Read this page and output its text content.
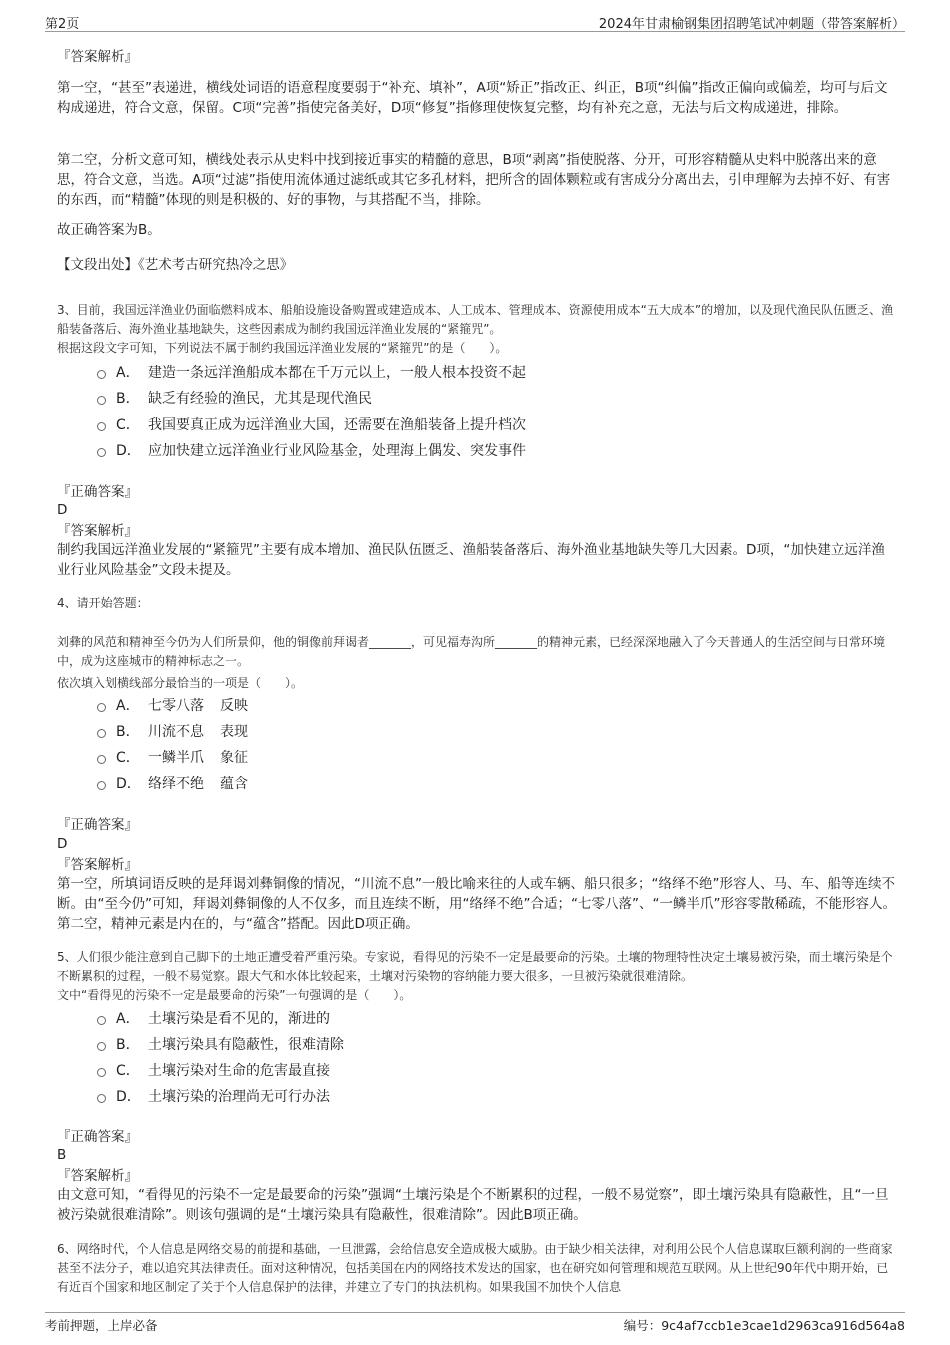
第2页	2024年甘肃榆钢集团招聘笔试冲刺题（带答案解析）
『答案解析』
第一空，“甚至”表递进，横线处词语的语意程度要弱于“补充、填补”，A项“矫正”指改正、纠正，B项“纠偏”指改正偏向或偏差，均可与后文构成递进，符合文意，保留。C项“完善”指使完备美好，D项“修复”指修理使恢复完整，均有补充之意，无法与后文构成递进，排除。
第二空，分析文意可知，横线处表示从史料中找到接近事实的精髓的意思，B项“剥离”指使脱落、分开，可形容精髓从史料中脱落出来的意思，符合文意，当选。A项“过滤”指使用流体通过滤纸或其它多孔材料，把所含的固体颗粒或有害成分分离出去，引申理解为去掉不好、有害的东西，而“精髓”体现的则是积极的、好的事物，与其搭配不当，排除。
故正确答案为B。
【文段出处】《艺术考古研究热冷之思》
3、目前，我国远洋渔业仍面临燃料成本、船舶设施设备购置或建造成本、人工成本、管理成本、资源使用成本“五大成本”的增加，以及现代渔民队伍匮乏、渔船装备落后、海外渔业基地缺失，这些因素成为制约我国远洋渔业发展的“紧箍咒”。
根据这段文字可知，下列说法不属于制约我国远洋渔业发展的“紧箍咒”的是（　　）。
A． 建造一条远洋渔船成本都在千万元以上，一般人根本投资不起
B． 缺乏有经验的渔民，尤其是现代渔民
C． 我国要真正成为远洋渔业大国，还需要在渔船装备上提升档次
D． 应加快建立远洋渔业行业风险基金，处理海上偶发、突发事件
『正确答案』
D
『答案解析』
制约我国远洋渔业发展的“紧箍咒”主要有成本增加、渔民队伍匮乏、渔船装备落后、海外渔业基地缺失等几大因素。D项，“加快建立远洋渔业行业风险基金”文段未提及。
4、请开始答题：
刘彝的风范和精神至今仍为人们所景仰，他的铜像前拜谒者_______，可见福寿沟所_______的精神元素，已经深深地融入了今天普通人的生活空间与日常环境中，成为这座城市的精神标志之一。
依次填入划横线部分最恰当的一项是（　　）。
A． 七零八落 反映
B． 川流不息 表现
C． 一鳞半爪 象征
D． 络绎不绝 蕴含
『正确答案』
D
『答案解析』
第一空，所填词语反映的是拜谒刘彝铜像的情况，“川流不息”一般比喻来往的人或车辆、船只很多；“络绎不绝”形容人、马、车、船等连续不断。由“至今仍”可知，拜谒刘彝铜像的人不仅多，而且连续不断，用“络绎不绝”合适；“七零八落”、“一鳞半爪”形容零散稀疏，不能形容人。第二空，精神元素是内在的，与“蕴含”搭配。因此D项正确。
5、人们很少能注意到自己脚下的土地正遭受着严重污染。专家说，看得见的污染不一定是最要命的污染。土壤的物理特性决定土壤易被污染，而土壤污染是个不断累积的过程，一般不易觉察。跟大气和水体比较起来，土壤对污染物的容纳能力要大很多，一旦被污染就很难清除。
文中“看得见的污染不一定是最要命的污染”一句强调的是（　　）。
A． 土壤污染是看不见的，渐进的
B． 土壤污染具有隐蔽性，很难清除
C． 土壤污染对生命的危害最直接
D． 土壤污染的治理尚无可行办法
『正确答案』
B
『答案解析』
由文意可知，“看得见的污染不一定是最要命的污染”强调“土壤污染是个不断累积的过程，一般不易觉察”，即土壤污染具有隐蔽性，且“一旦被污染就很难清除”。则该句强调的是“土壤污染具有隐蔽性，很难清除”。因此B项正确。
6、网络时代，个人信息是网络交易的前提和基础，一旦泄露，会给信息安全造成极大威胁。由于缺少相关法律，对利用公民个人信息谋取巨额利润的一些商家甚至不法分子，难以追究其法律责任。面对这种情况，包括美国在内的网络技术发达的国家，也在研究如何管理和规范互联网。从上世纪90年代中期开始，已有近百个国家和地区制定了关于个人信息保护的法律，并建立了专门的执法机构。如果我国不加快个人信息
考前押题，上岸必备	编号：9c4af7ccb1e3cae1d2963ca916d564a8
